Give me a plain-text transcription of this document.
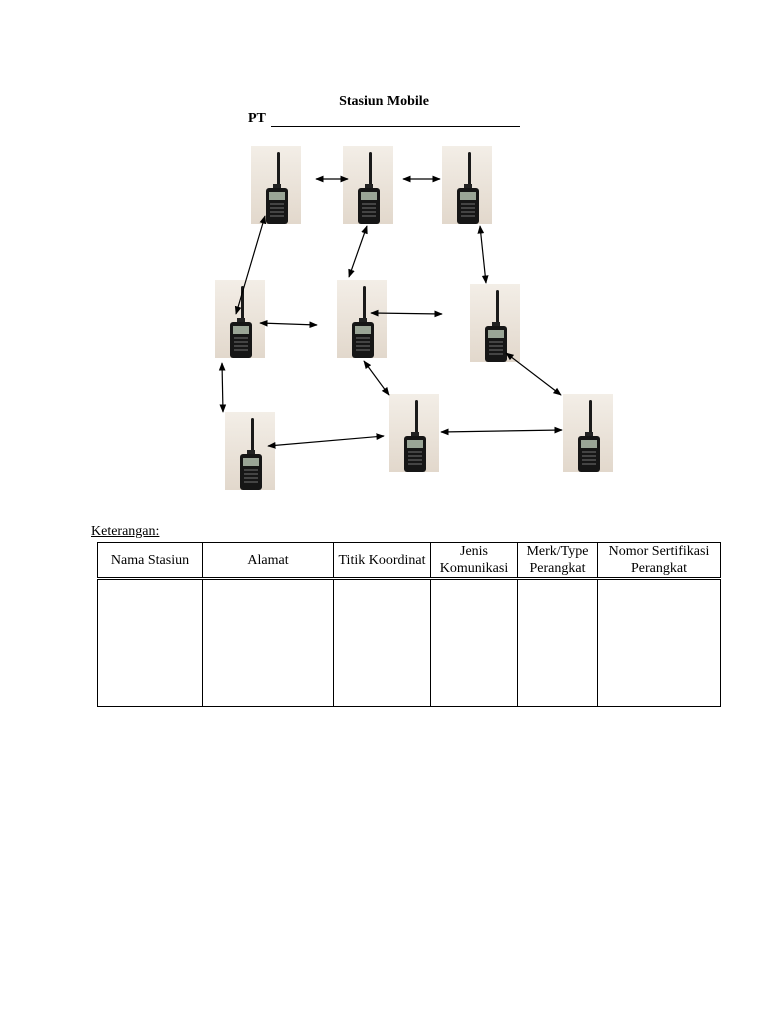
Stasiun Mobile
PT
Keterangan:
Nama Stasiun	Alamat	Titik Koordinat	Jenis Komunikasi	Merk/Type Perangkat	Nomor Sertifikasi Perangkat
